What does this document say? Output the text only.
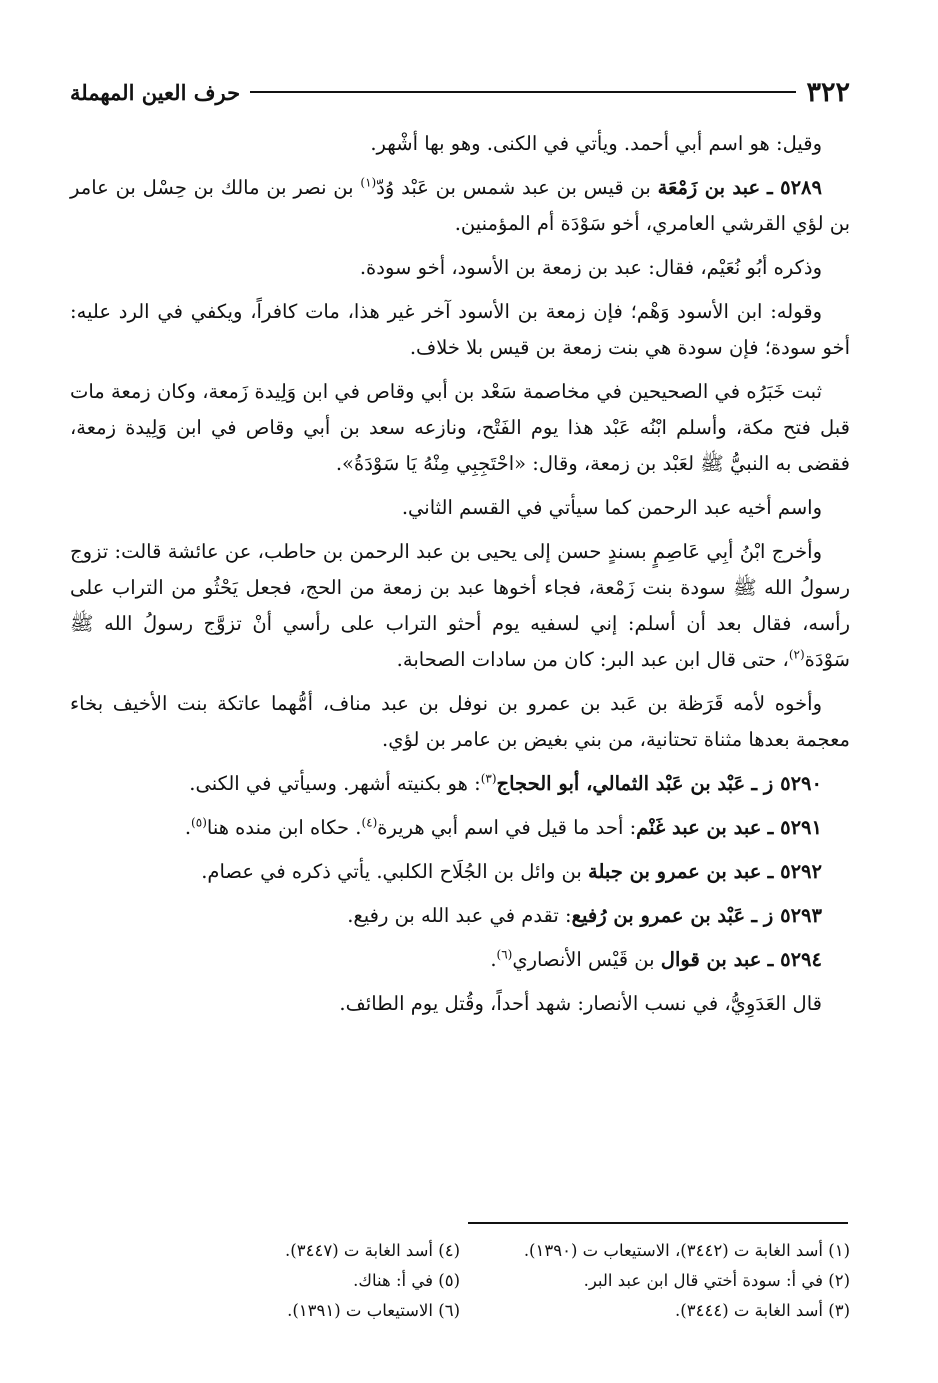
٣٢٢
حرف العين المهملة

وقيل: هو اسم أبي أحمد. ويأتي في الكنى. وهو بها أشْهر.

٥٢٨٩ ـ عبد بن زَمْعَة بن قيس بن عبد شمس بن عَبْد وُدّ$^{(١)}$ بن نصر بن مالك بن حِسْل بن عامر بن لؤي القرشي العامري، أخو سَوْدَة أم المؤمنين.

وذكره أبُو نُعَيْم، فقال: عبد بن زمعة بن الأسود، أخو سودة.

وقوله: ابن الأسود وَهْم؛ فإن زمعة بن الأسود آخر غير هذا، مات كافراً، ويكفي في الرد عليه: أخو سودة؛ فإن سودة هي بنت زمعة بن قيس بلا خلاف.

ثبت خَبَرُه في الصحيحين في مخاصمة سَعْد بن أبي وقاص في ابن وَلِيدة زَمعة، وكان زمعة مات قبل فتح مكة، وأسلم ابْنُه عَبْد هذا يوم الفَتْح، ونازعه سعد بن أبي وقاص في ابن وَلِيدة زمعة، فقضى به النبيُّ ﷺ لعَبْد بن زمعة، وقال: «احْتَجِبِي مِنْهُ يَا سَوْدَةُ».

واسم أخيه عبد الرحمن كما سيأتي في القسم الثاني.

وأخرج ابْنُ أبِي عَاصِمٍ بسندٍ حسن إلى يحيى بن عبد الرحمن بن حاطب، عن عائشة قالت: تزوج رسولُ الله ﷺ سودة بنت زَمْعة، فجاء أخوها عبد بن زمعة من الحج، فجعل يَحْثُو من التراب على رأسه، فقال بعد أن أسلم: إني لسفيه يوم أحثو التراب على رأسي أنْ تزوَّج رسولُ الله ﷺ سَوْدَة$^{(٢)}$، حتى قال ابن عبد البر: كان من سادات الصحابة.

وأخوه لأمه قَرَظة بن عَبد بن عمرو بن نوفل بن عبد مناف، أمُّهما عاتكة بنت الأخيف بخاء معجمة بعدها مثناة تحتانية، من بني بغيض بن عامر بن لؤي.

٥٢٩٠ ز ـ عَبْد بن عَبْد الثمالي، أبو الحجاج$^{(٣)}$: هو بكنيته أشهر. وسيأتي في الكنى.

٥٢٩١ ـ عبد بن عبد غَنْم: أحد ما قيل في اسم أبي هريرة$^{(٤)}$. حكاه ابن منده هنا$^{(٥)}$.

٥٢٩٢ ـ عبد بن عمرو بن جبلة بن وائل بن الجُلَاح الكلبي. يأتي ذكره في عصام.

٥٢٩٣ ز ـ عَبْد بن عمرو بن رُفيع: تقدم في عبد الله بن رفيع.

٥٢٩٤ ـ عبد بن قوال بن قَيْس الأنصاري$^{(٦)}$.

قال العَدَوِيُّ، في نسب الأنصار: شهد أحداً، وقُتل يوم الطائف.

(١) أسد الغابة ت (٣٤٤٢)، الاستيعاب ت (١٣٩٠).
(٢) في أ: سودة أختي قال ابن عبد البر.
(٣) أسد الغابة ت (٣٤٤٤).
(٤) أسد الغابة ت (٣٤٤٧).
(٥) في أ: هناك.
(٦) الاستيعاب ت (١٣٩١).
